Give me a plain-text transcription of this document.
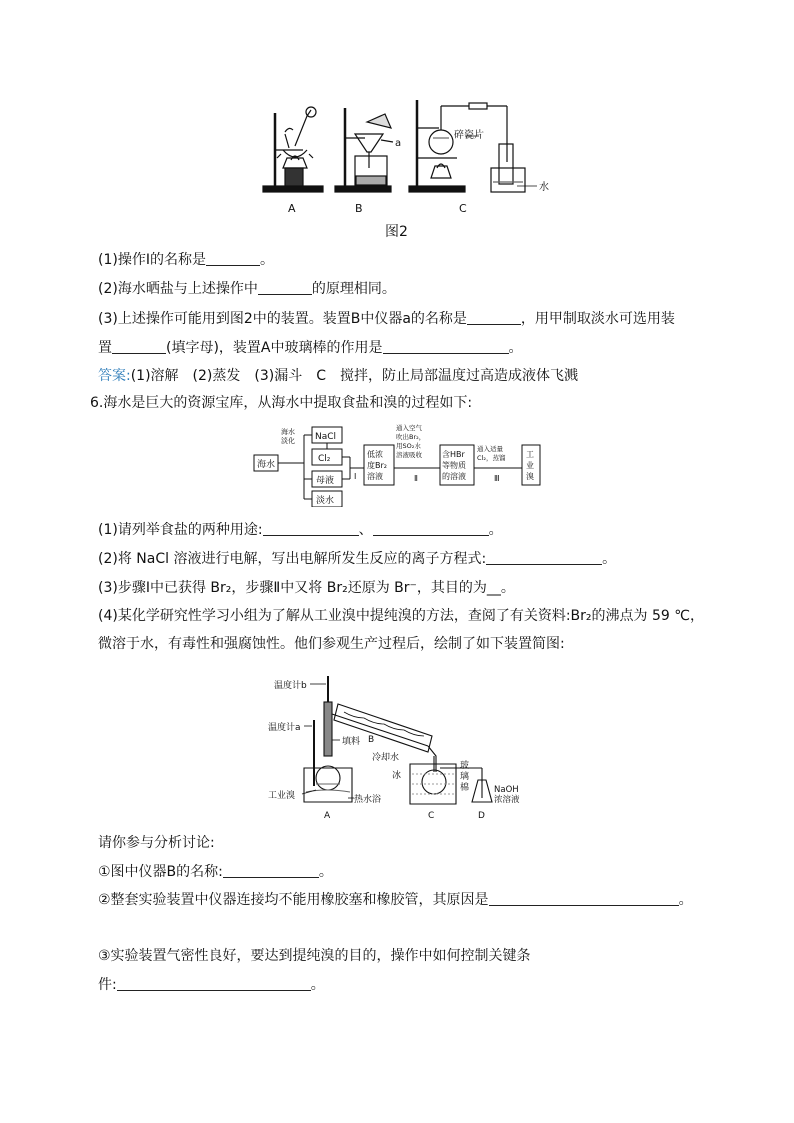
A	B	C
a
碎瓷片
水
图2
(1)操作Ⅰ的名称是	。
(2)海水晒盐与上述操作中	的原理相同。
(3)上述操作可能用到图2中的装置。装置B中仪器a的名称是	，用甲制取淡水可选用装
置	(填字母)，装置A中玻璃棒的作用是	。
答案:(1)溶解　(2)蒸发　(3)漏斗　C　搅拌，防止局部温度过高造成液体飞溅
6.海水是巨大的资源宝库，从海水中提取食盐和溴的过程如下:
海水
海水
淡化 NaCl
Cl₂
母液
淡水
Ⅰ
低浓
度Br₂
溶液
通入空气
吹出Br₂，
用SO₂水
溶液吸收
Ⅱ
含HBr
等物质
的溶液
通入适量
Cl₂，蒸馏
Ⅲ
工
业
溴
(1)请列举食盐的两种用途:	、	。
(2)将 NaCl 溶液进行电解，写出电解所发生反应的离子方程式:	。
(3)步骤Ⅰ中已获得 Br₂，步骤Ⅱ中又将 Br₂还原为 Br⁻，其目的为__。
(4)某化学研究性学习小组为了解从工业溴中提纯溴的方法，查阅了有关资料:Br₂的沸点为 59 ℃，
微溶于水，有毒性和强腐蚀性。他们参观生产过程后，绘制了如下装置简图:
温度计b
填料 B
冷却水
温度计a
工业溴	热水浴
A
冰
玻
璃
棉
C
NaOH
浓溶液
D
请你参与分析讨论:
①图中仪器B的名称:	。
②整套实验装置中仪器连接均不能用橡胶塞和橡胶管，其原因是	。
③实验装置气密性良好，要达到提纯溴的目的，操作中如何控制关键条
件:	。
